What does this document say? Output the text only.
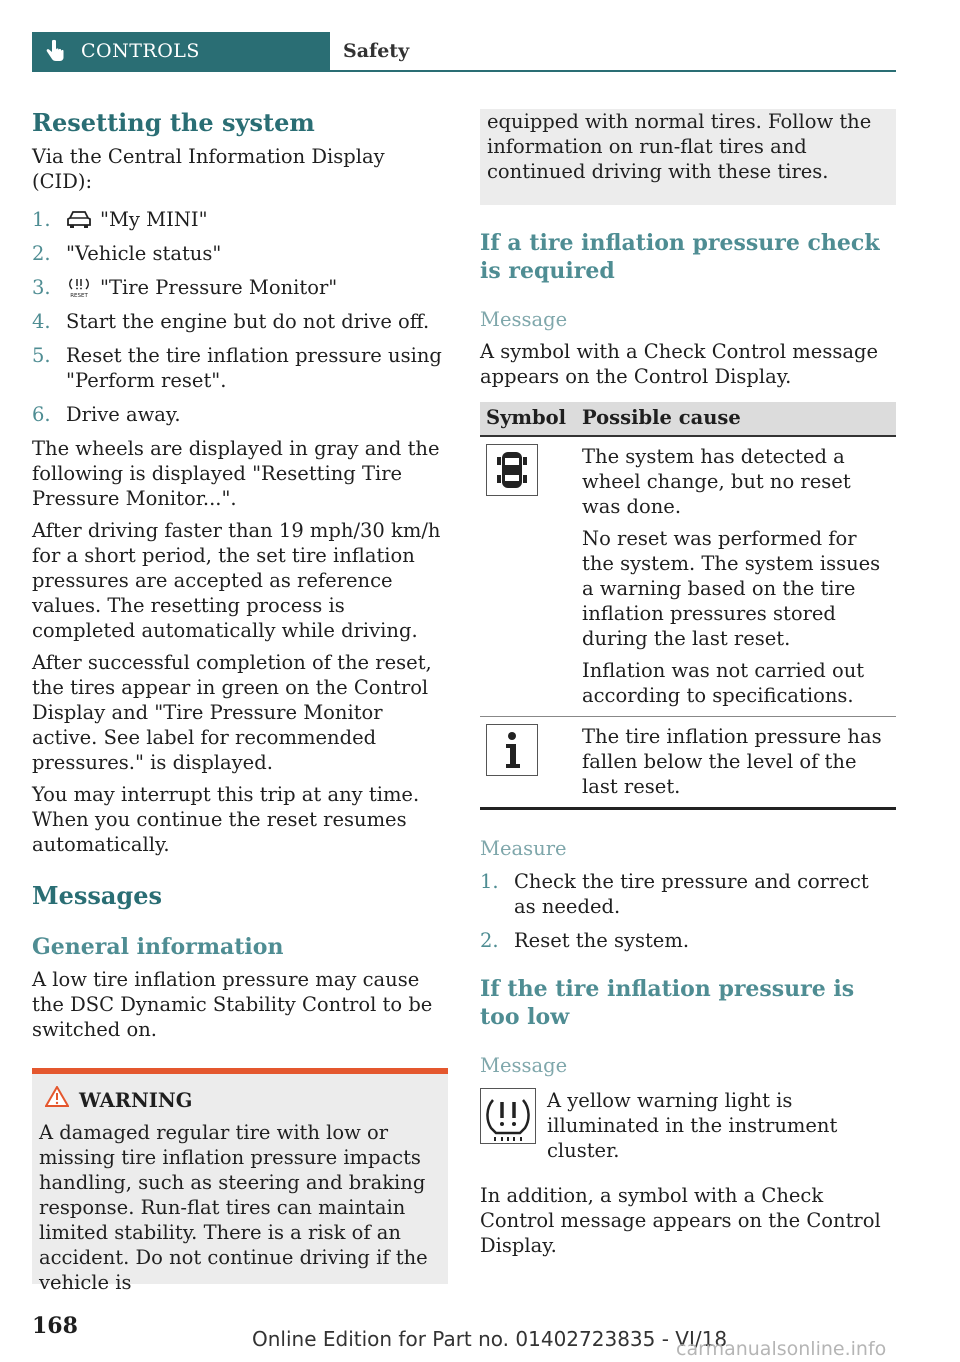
CONTROLS	Safety
Resetting the system

Via the Central Information Display (CID):

1.	"My MINI"
2. "Vehicle status"
3.	RESET "Tire Pressure Monitor"
4. Start the engine but do not drive off.
5. Reset the tire inflation pressure using "Perform reset".
6. Drive away.

The wheels are displayed in gray and the following is displayed "Resetting Tire Pressure Monitor...".

After driving faster than 19 mph/30 km/h for a short period, the set tire inflation pressures are accepted as reference values. The resetting process is completed automatically while driving.

After successful completion of the reset, the tires appear in green on the Control Display and "Tire Pressure Monitor active. See label for recommended pressures." is displayed.

You may interrupt this trip at any time. When you continue the reset resumes automatically.

Messages
General information

A low tire inflation pressure may cause the DSC Dynamic Stability Control to be switched on.

WARNING

A damaged regular tire with low or missing tire inflation pressure impacts handling, such as steering and braking response. Run-flat tires can maintain limited stability. There is a risk of an accident. Do not continue driving if the vehicle is

equipped with normal tires. Follow the information on run-flat tires and continued driving with these tires.

If a tire inflation pressure check is required
Message

A symbol with a Check Control message appears on the Control Display.

Symbol	Possible cause

The system has detected a wheel change, but no reset was done.

No reset was performed for the system. The system issues a warning based on the tire inflation pressures stored during the last reset.

Inflation was not carried out according to specifications.

The tire inflation pressure has fallen below the level of the last reset.

Measure
1. Check the tire pressure and correct as needed.
2. Reset the system.
If the tire inflation pressure is too low
Message

A yellow warning light is illuminated in the instrument cluster.

In addition, a symbol with a Check Control message appears on the Control Display.

168	Online Edition for Part no. 01402723835 - VI/18
carmanualsonline.info
